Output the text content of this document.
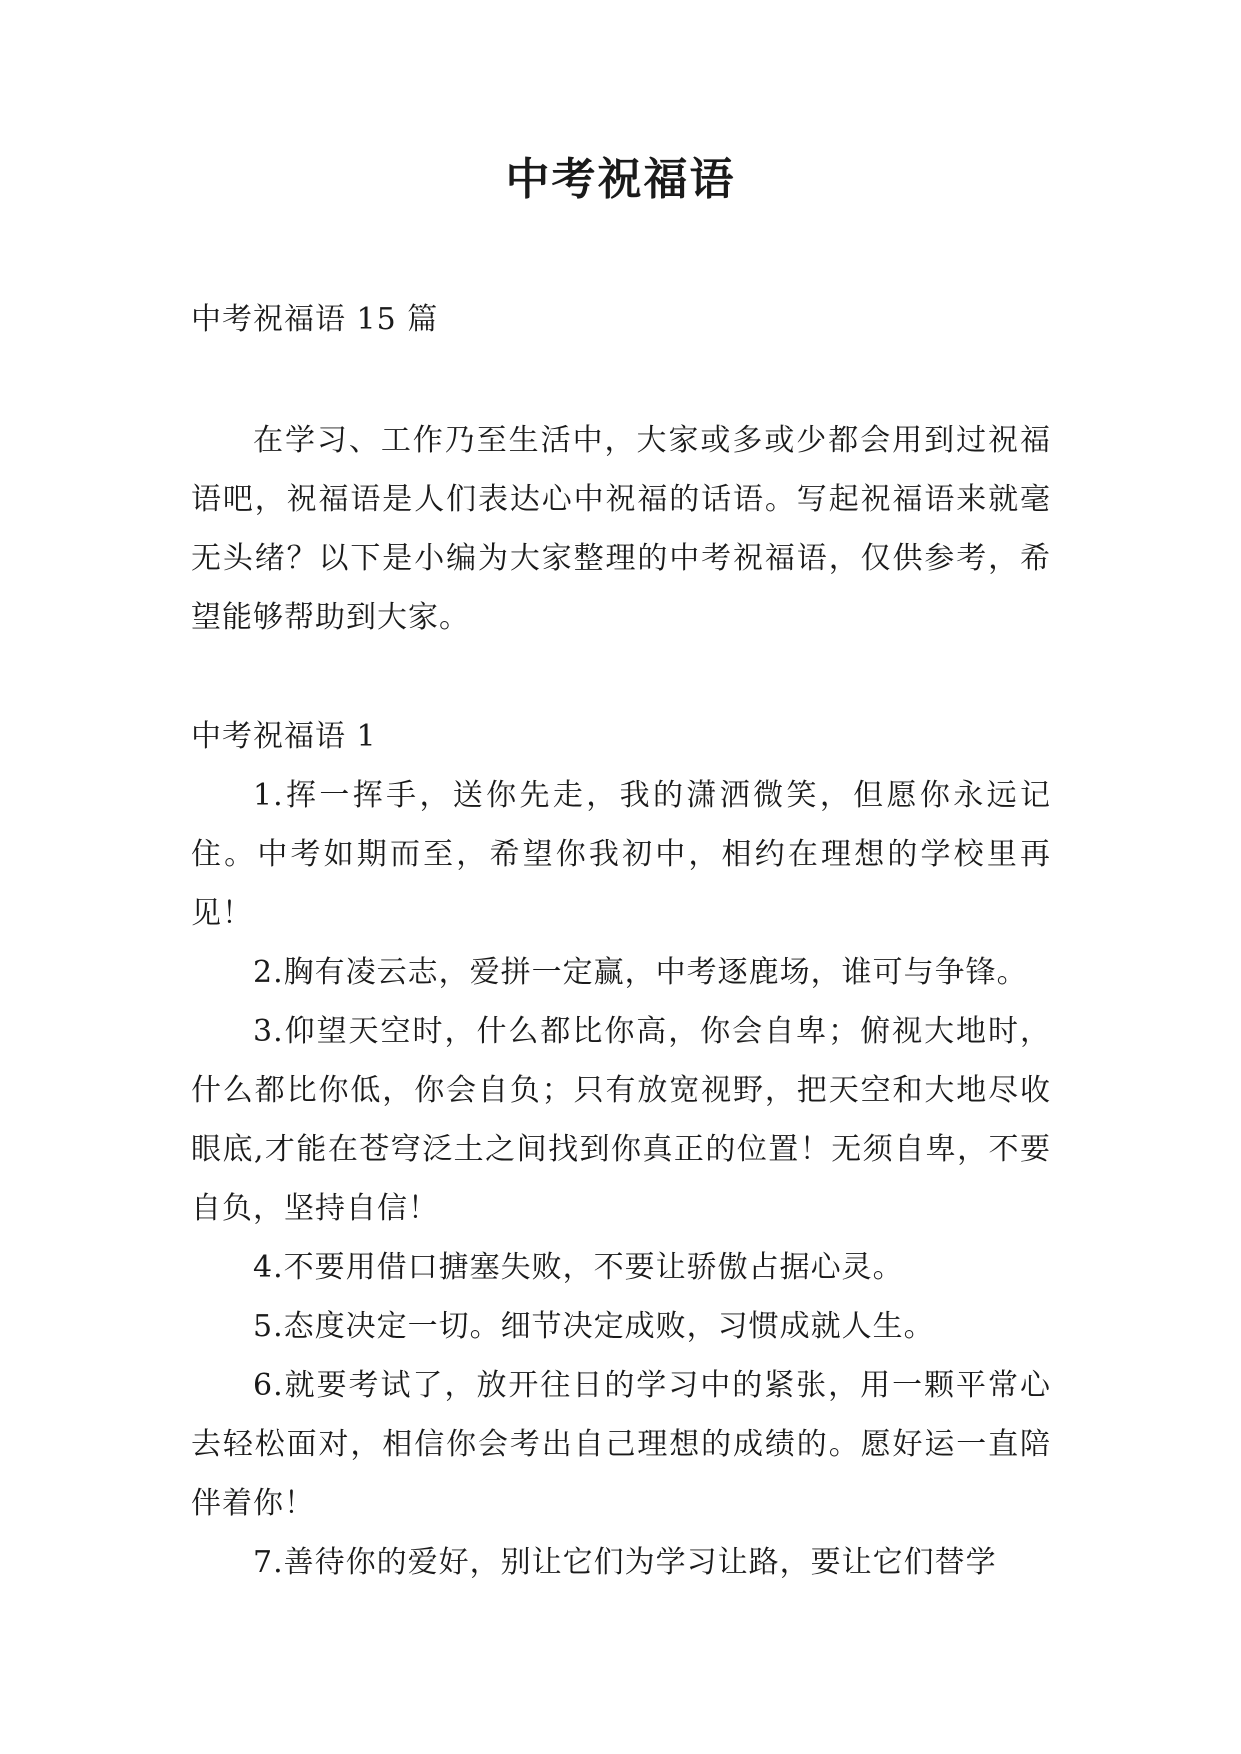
中考祝福语

中考祝福语 15 篇

在学习、工作乃至生活中，大家或多或少都会用到过祝福语吧，祝福语是人们表达心中祝福的话语。写起祝福语来就毫无头绪？以下是小编为大家整理的中考祝福语，仅供参考，希望能够帮助到大家。

中考祝福语 1

1.挥一挥手，送你先走，我的潇洒微笑，但愿你永远记住。中考如期而至，希望你我初中，相约在理想的学校里再见！

2.胸有凌云志，爱拼一定赢，中考逐鹿场，谁可与争锋。

3.仰望天空时，什么都比你高，你会自卑；俯视大地时，什么都比你低，你会自负；只有放宽视野，把天空和大地尽收眼底,才能在苍穹泛土之间找到你真正的位置！无须自卑，不要自负，坚持自信！

4.不要用借口搪塞失败，不要让骄傲占据心灵。

5.态度决定一切。细节决定成败，习惯成就人生。

6.就要考试了，放开往日的学习中的紧张，用一颗平常心去轻松面对，相信你会考出自己理想的成绩的。愿好运一直陪伴着你！

7.善待你的爱好，别让它们为学习让路，要让它们替学
